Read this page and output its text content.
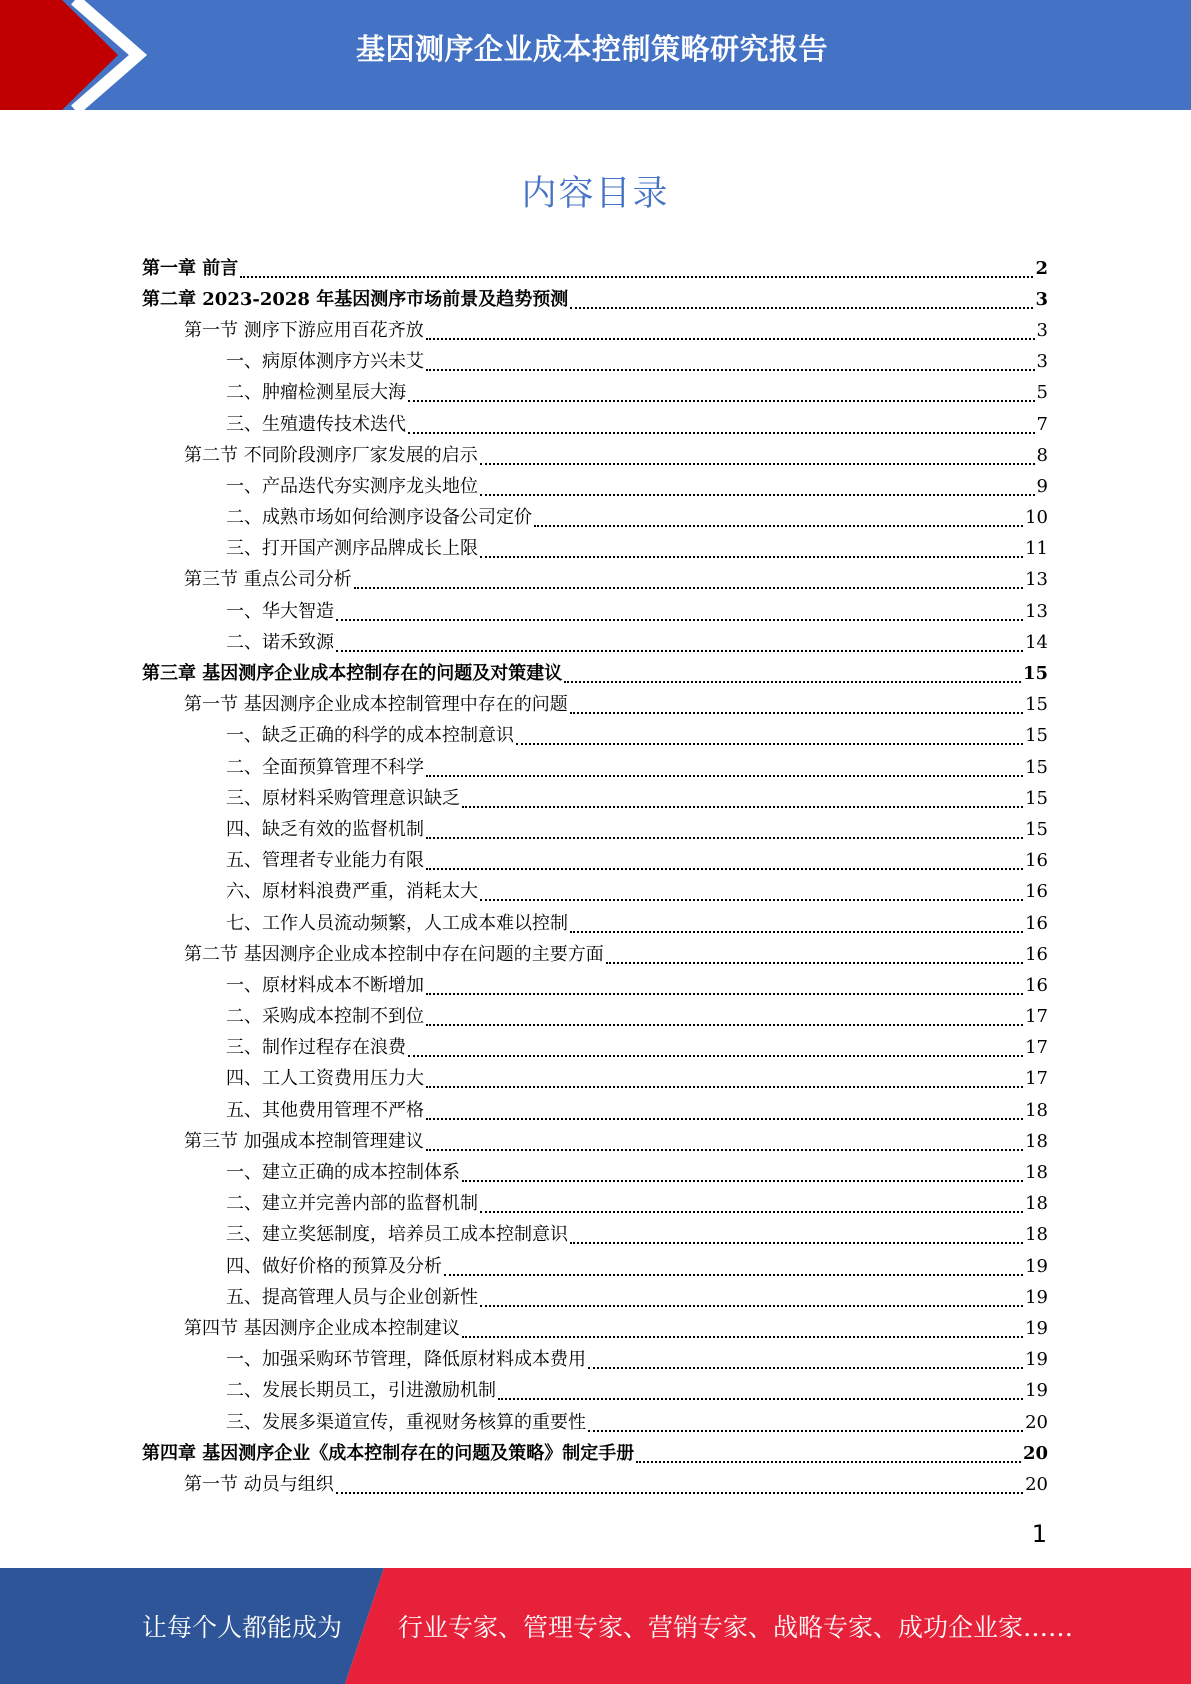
基因测序企业成本控制策略研究报告
内容目录
第一章 前言	2
第二章 2023-2028 年基因测序市场前景及趋势预测	3
第一节 测序下游应用百花齐放	3
一、病原体测序方兴未艾	3
二、肿瘤检测星辰大海	5
三、生殖遗传技术迭代	7
第二节 不同阶段测序厂家发展的启示	8
一、产品迭代夯实测序龙头地位	9
二、成熟市场如何给测序设备公司定价	10
三、打开国产测序品牌成长上限	11
第三节 重点公司分析	13
一、华大智造	13
二、诺禾致源	14
第三章 基因测序企业成本控制存在的问题及对策建议	15
第一节 基因测序企业成本控制管理中存在的问题	15
一、缺乏正确的科学的成本控制意识	15
二、全面预算管理不科学	15
三、原材料采购管理意识缺乏	15
四、缺乏有效的监督机制	15
五、管理者专业能力有限	16
六、原材料浪费严重，消耗太大	16
七、工作人员流动频繁，人工成本难以控制	16
第二节 基因测序企业成本控制中存在问题的主要方面	16
一、原材料成本不断增加	16
二、采购成本控制不到位	17
三、制作过程存在浪费	17
四、工人工资费用压力大	17
五、其他费用管理不严格	18
第三节 加强成本控制管理建议	18
一、建立正确的成本控制体系	18
二、建立并完善内部的监督机制	18
三、建立奖惩制度，培养员工成本控制意识	18
四、做好价格的预算及分析	19
五、提高管理人员与企业创新性	19
第四节 基因测序企业成本控制建议	19
一、加强采购环节管理，降低原材料成本费用	19
二、发展长期员工，引进激励机制	19
三、发展多渠道宣传，重视财务核算的重要性	20
第四章 基因测序企业《成本控制存在的问题及策略》制定手册	20
第一节 动员与组织	20
1
让每个人都能成为 行业专家、管理专家、营销专家、战略专家、成功企业家……
